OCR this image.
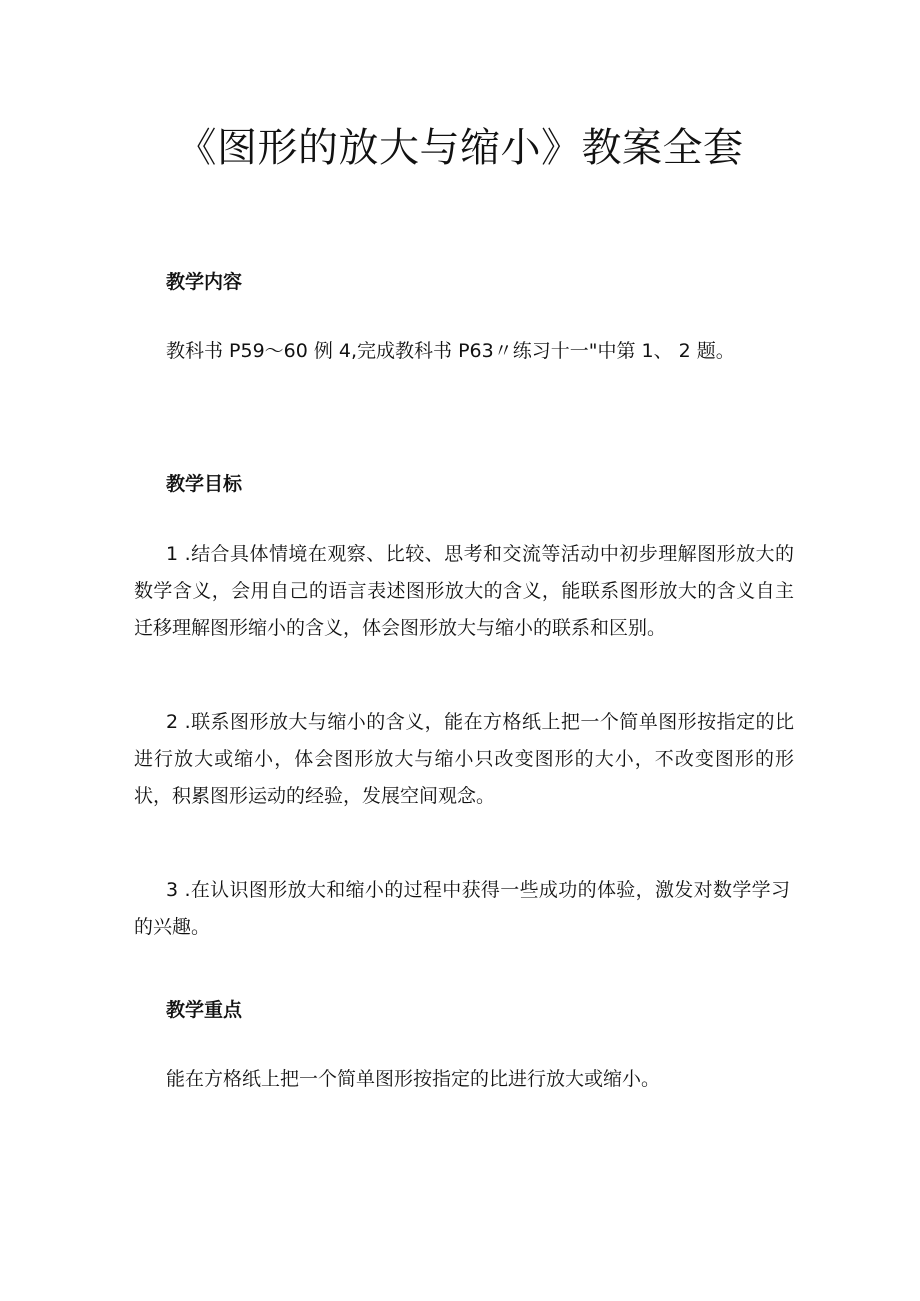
《图形的放大与缩小》教案全套
教学内容
教科书 P59～60 例 4,完成教科书 P63〃练习十一"中第 1、 2 题。
教学目标
1 .结合具体情境在观察、比较、思考和交流等活动中初步理解图形放大的数学含义，会用自己的语言表述图形放大的含义，能联系图形放大的含义自主迁移理解图形缩小的含义，体会图形放大与缩小的联系和区别。
2 .联系图形放大与缩小的含义，能在方格纸上把一个简单图形按指定的比进行放大或缩小，体会图形放大与缩小只改变图形的大小，不改变图形的形状，积累图形运动的经验，发展空间观念。
3 .在认识图形放大和缩小的过程中获得一些成功的体验，激发对数学学习的兴趣。
教学重点
能在方格纸上把一个简单图形按指定的比进行放大或缩小。
